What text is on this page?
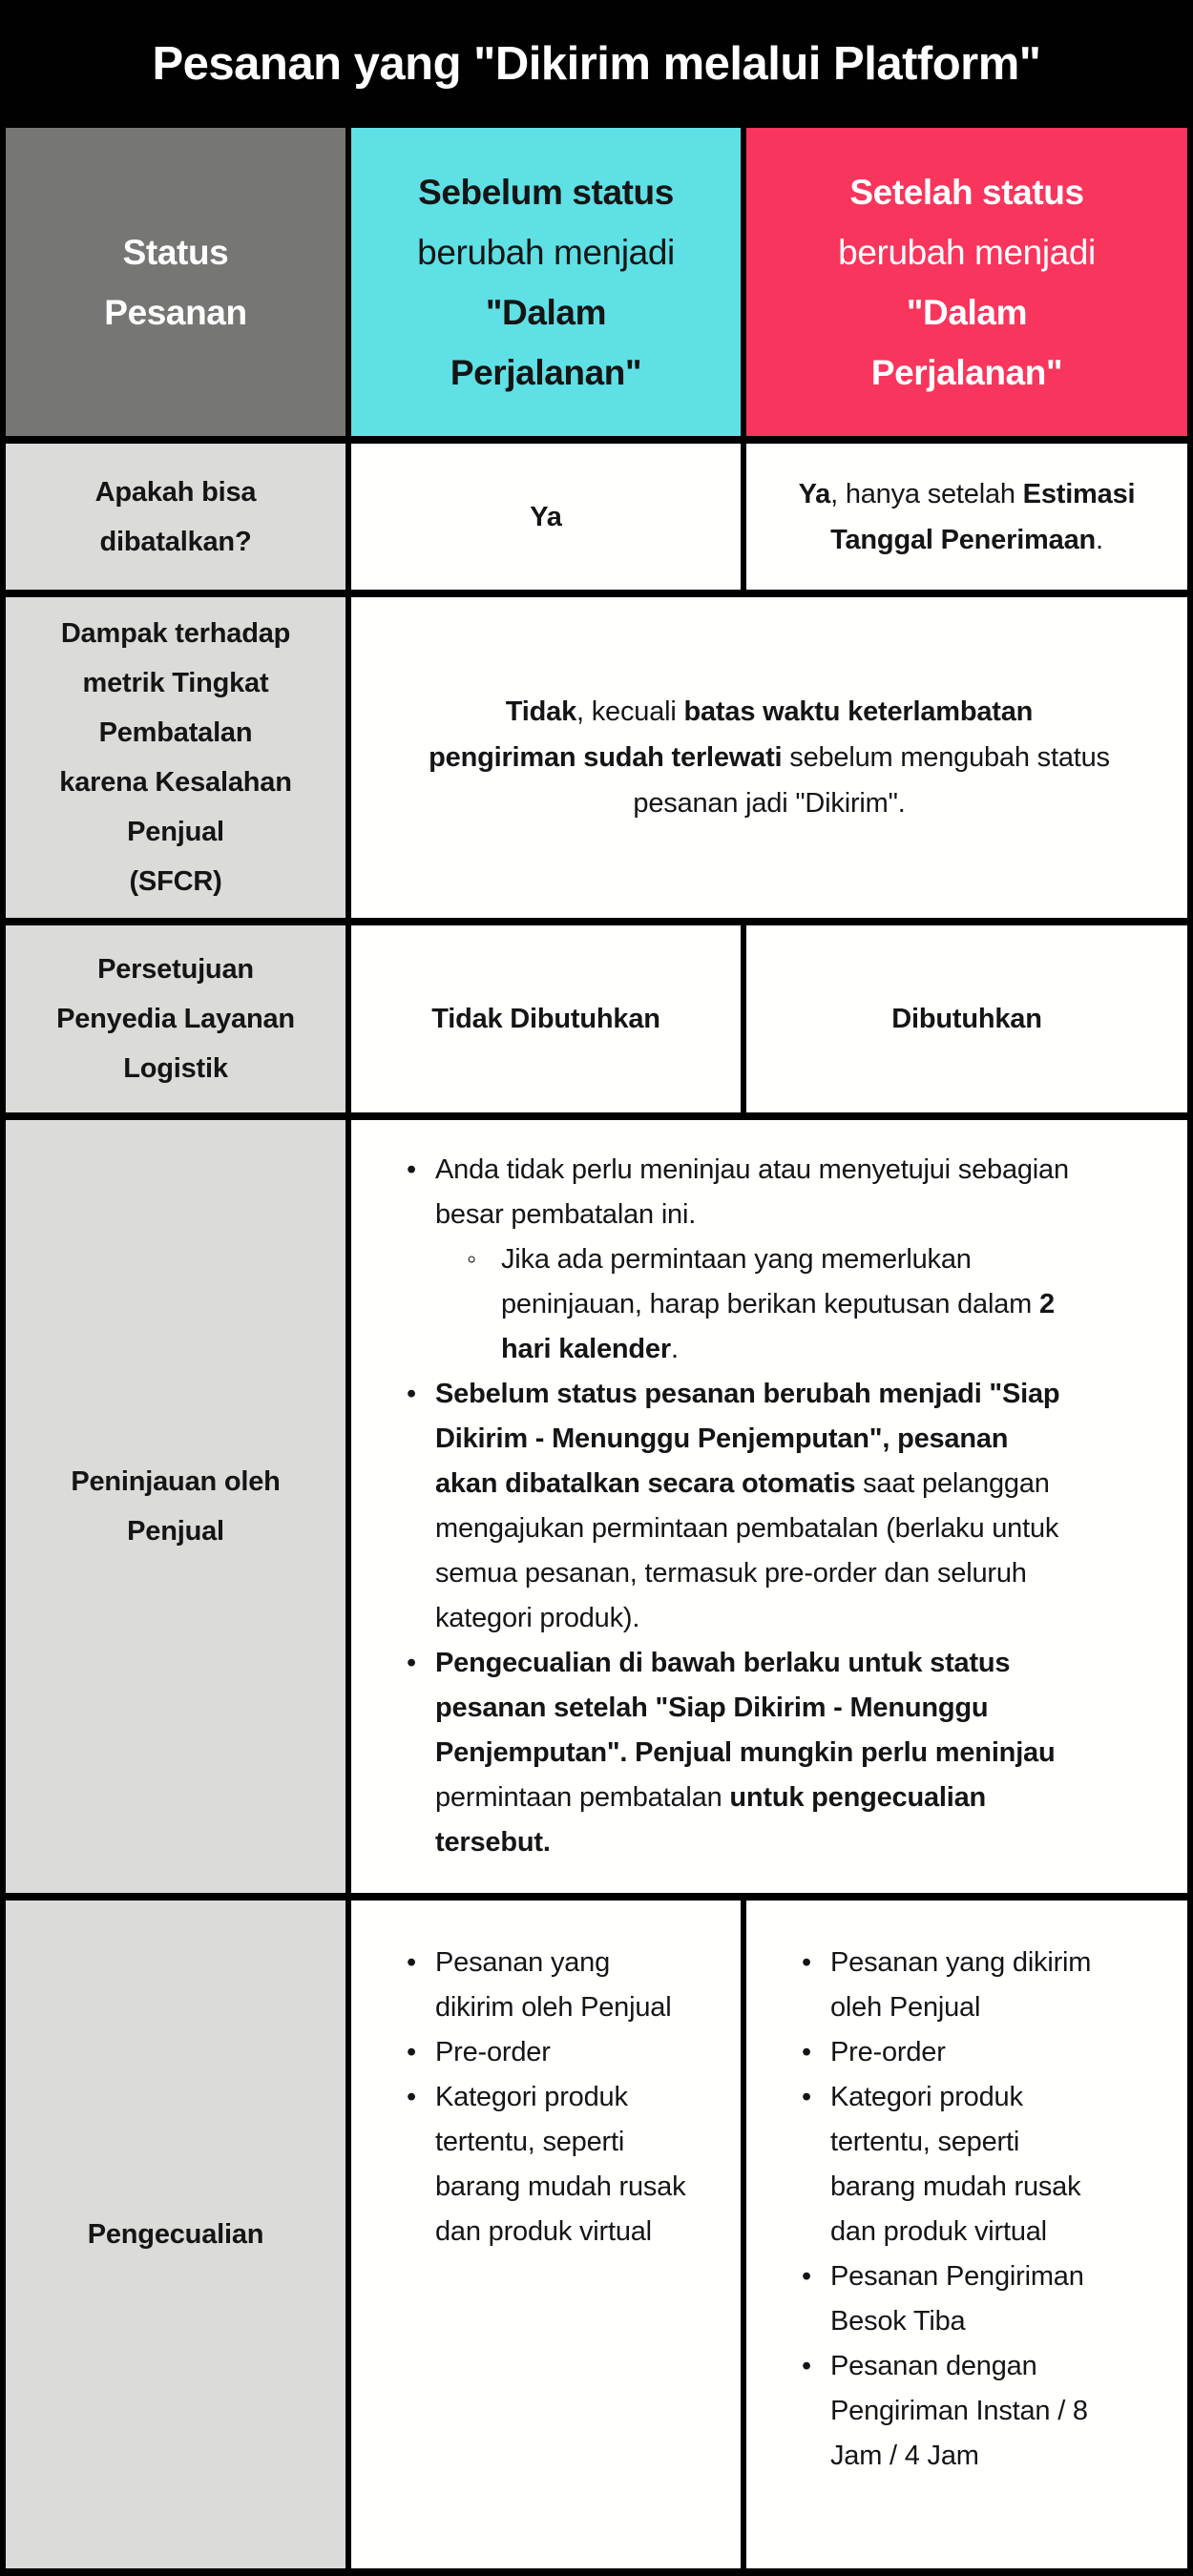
Pesanan yang "Dikirim melalui Platform"
Status
Pesanan
Sebelum status
berubah menjadi
"Dalam
Perjalanan"
Setelah status
berubah menjadi
"Dalam
Perjalanan"
Apakah bisa
dibatalkan?
Ya
Ya, hanya setelah Estimasi
Tanggal Penerimaan.
Dampak terhadap
metrik Tingkat
Pembatalan
karena Kesalahan
Penjual
(SFCR)
Tidak, kecuali batas waktu keterlambatan
pengiriman sudah terlewati sebelum mengubah status
pesanan jadi "Dikirim".
Persetujuan
Penyedia Layanan
Logistik
Tidak Dibutuhkan	Dibutuhkan
Peninjauan oleh
Penjual
• Anda tidak perlu meninjau atau menyetujui sebagian
besar pembatalan ini.
◦ Jika ada permintaan yang memerlukan
peninjauan, harap berikan keputusan dalam 2
hari kalender.
• Sebelum status pesanan berubah menjadi "Siap
Dikirim - Menunggu Penjemputan", pesanan
akan dibatalkan secara otomatis saat pelanggan
mengajukan permintaan pembatalan (berlaku untuk
semua pesanan, termasuk pre-order dan seluruh
kategori produk).
• Pengecualian di bawah berlaku untuk status
pesanan setelah "Siap Dikirim - Menunggu
Penjemputan". Penjual mungkin perlu meninjau
permintaan pembatalan untuk pengecualian
tersebut.
Pengecualian
• Pesanan yang
dikirim oleh Penjual
• Pre-order
• Kategori produk
tertentu, seperti
barang mudah rusak
dan produk virtual
• Pesanan yang dikirim
oleh Penjual
• Pre-order
• Kategori produk
tertentu, seperti
barang mudah rusak
dan produk virtual
• Pesanan Pengiriman
Besok Tiba
• Pesanan dengan
Pengiriman Instan / 8
Jam / 4 Jam
